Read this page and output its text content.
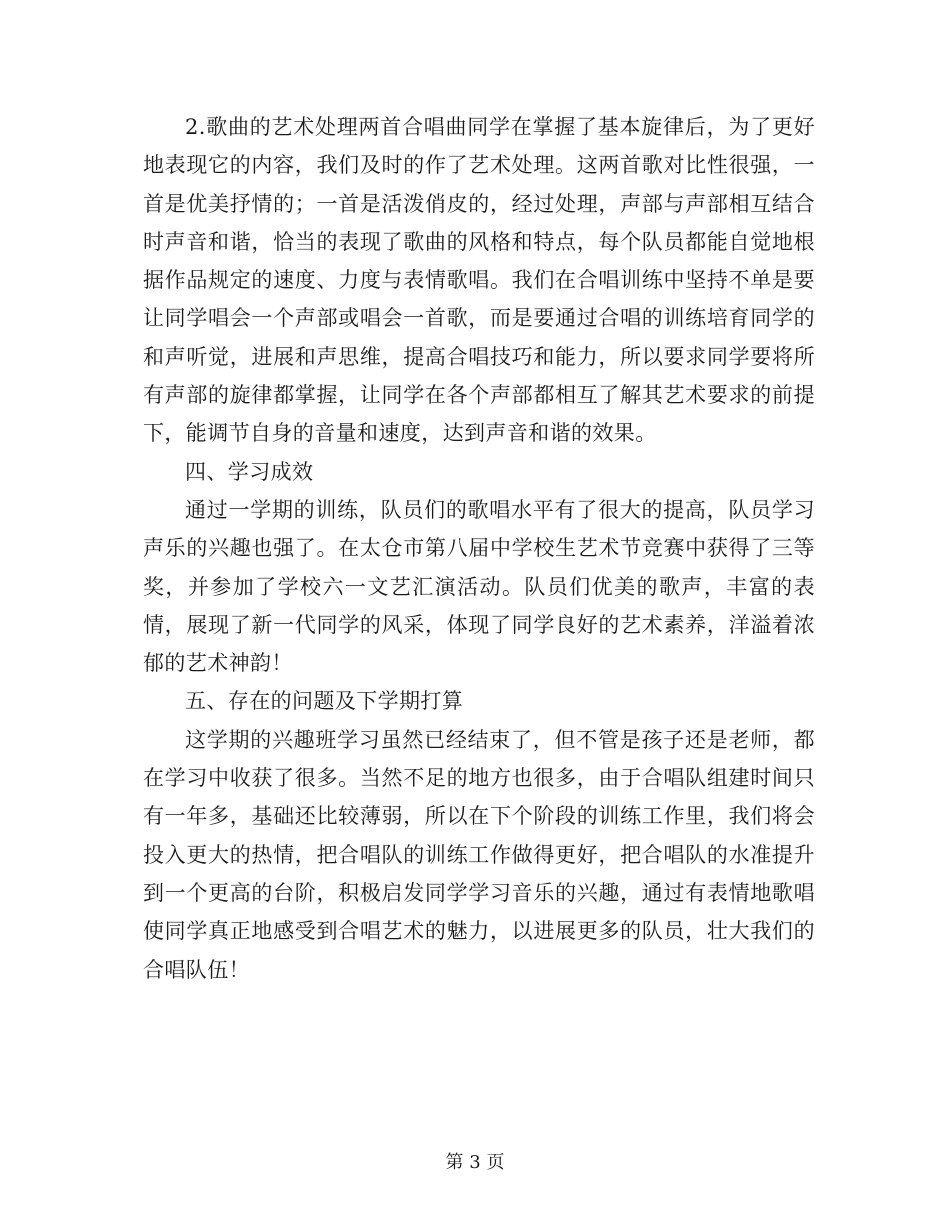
2.歌曲的艺术处理两首合唱曲同学在掌握了基本旋律后，为了更好地表现它的内容，我们及时的作了艺术处理。这两首歌对比性很强，一首是优美抒情的；一首是活泼俏皮的，经过处理，声部与声部相互结合时声音和谐，恰当的表现了歌曲的风格和特点，每个队员都能自觉地根据作品规定的速度、力度与表情歌唱。我们在合唱训练中坚持不单是要让同学唱会一个声部或唱会一首歌，而是要通过合唱的训练培育同学的和声听觉，进展和声思维，提高合唱技巧和能力，所以要求同学要将所有声部的旋律都掌握，让同学在各个声部都相互了解其艺术要求的前提下，能调节自身的音量和速度，达到声音和谐的效果。

四、学习成效

通过一学期的训练，队员们的歌唱水平有了很大的提高，队员学习声乐的兴趣也强了。在太仓市第八届中学校生艺术节竞赛中获得了三等奖，并参加了学校六一文艺汇演活动。队员们优美的歌声，丰富的表情，展现了新一代同学的风采，体现了同学良好的艺术素养，洋溢着浓郁的艺术神韵！

五、存在的问题及下学期打算

这学期的兴趣班学习虽然已经结束了，但不管是孩子还是老师，都在学习中收获了很多。当然不足的地方也很多，由于合唱队组建时间只有一年多，基础还比较薄弱，所以在下个阶段的训练工作里，我们将会投入更大的热情，把合唱队的训练工作做得更好，把合唱队的水准提升到一个更高的台阶，积极启发同学学习音乐的兴趣，通过有表情地歌唱使同学真正地感受到合唱艺术的魅力，以进展更多的队员，壮大我们的合唱队伍！

第 3 页
